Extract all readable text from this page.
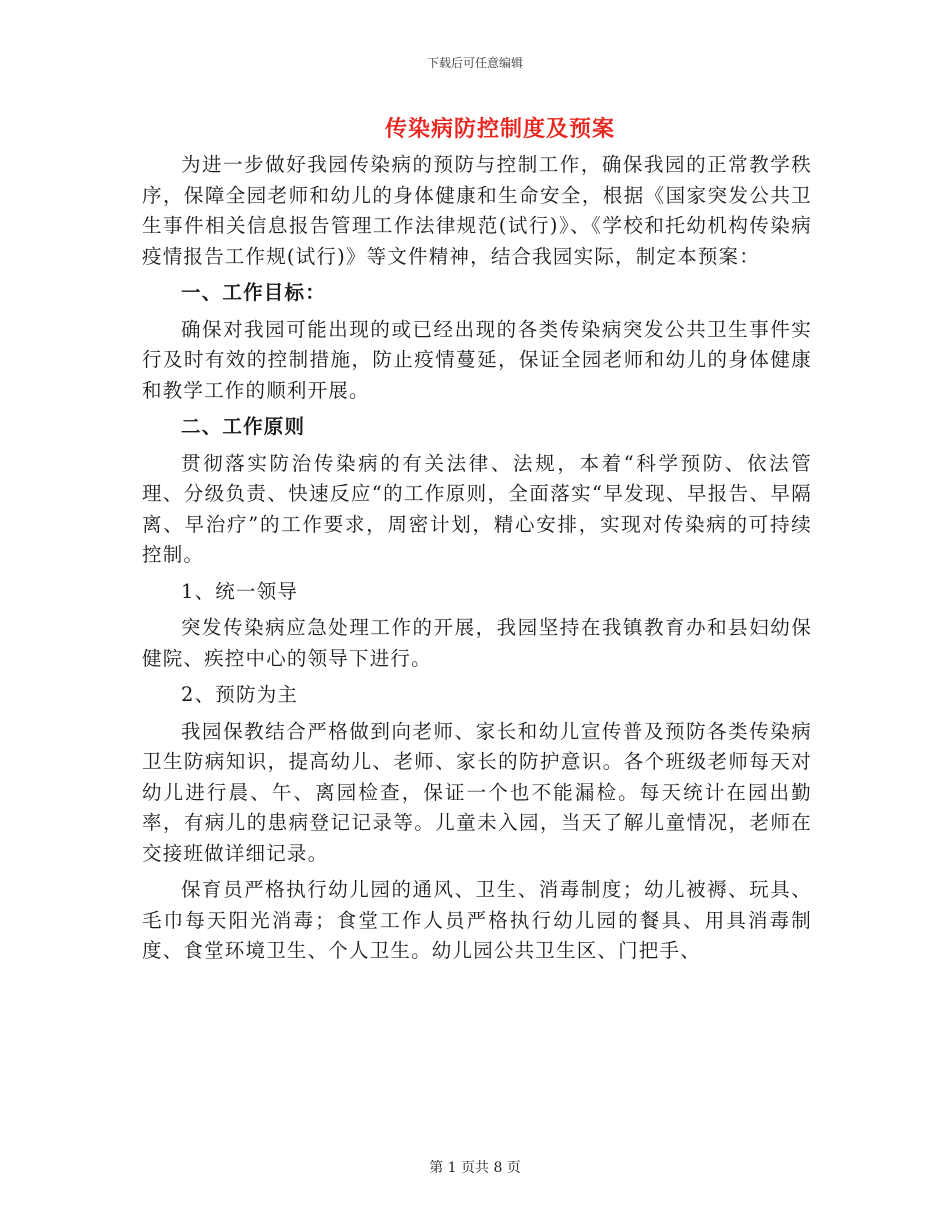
下载后可任意编辑
传染病防控制度及预案

为进一步做好我园传染病的预防与控制工作，确保我园的正常教学秩序，保障全园老师和幼儿的身体健康和生命安全，根据《国家突发公共卫生事件相关信息报告管理工作法律规范(试行)》、《学校和托幼机构传染病疫情报告工作规(试行)》等文件精神，结合我园实际，制定本预案：

一、工作目标：

确保对我园可能出现的或已经出现的各类传染病突发公共卫生事件实行及时有效的控制措施，防止疫情蔓延，保证全园老师和幼儿的身体健康和教学工作的顺利开展。

二、工作原则

贯彻落实防治传染病的有关法律、法规，本着“科学预防、依法管理、分级负责、快速反应“的工作原则，全面落实“早发现、早报告、早隔离、早治疗”的工作要求，周密计划，精心安排，实现对传染病的可持续控制。

1、统一领导

突发传染病应急处理工作的开展，我园坚持在我镇教育办和县妇幼保健院、疾控中心的领导下进行。

2、预防为主

我园保教结合严格做到向老师、家长和幼儿宣传普及预防各类传染病卫生防病知识，提高幼儿、老师、家长的防护意识。各个班级老师每天对幼儿进行晨、午、离园检查，保证一个也不能漏检。每天统计在园出勤率，有病儿的患病登记记录等。儿童未入园，当天了解儿童情况，老师在交接班做详细记录。

保育员严格执行幼儿园的通风、卫生、消毒制度；幼儿被褥、玩具、毛巾每天阳光消毒；食堂工作人员严格执行幼儿园的餐具、用具消毒制度、食堂环境卫生、个人卫生。幼儿园公共卫生区、门把手、

第 1 页共 8 页
